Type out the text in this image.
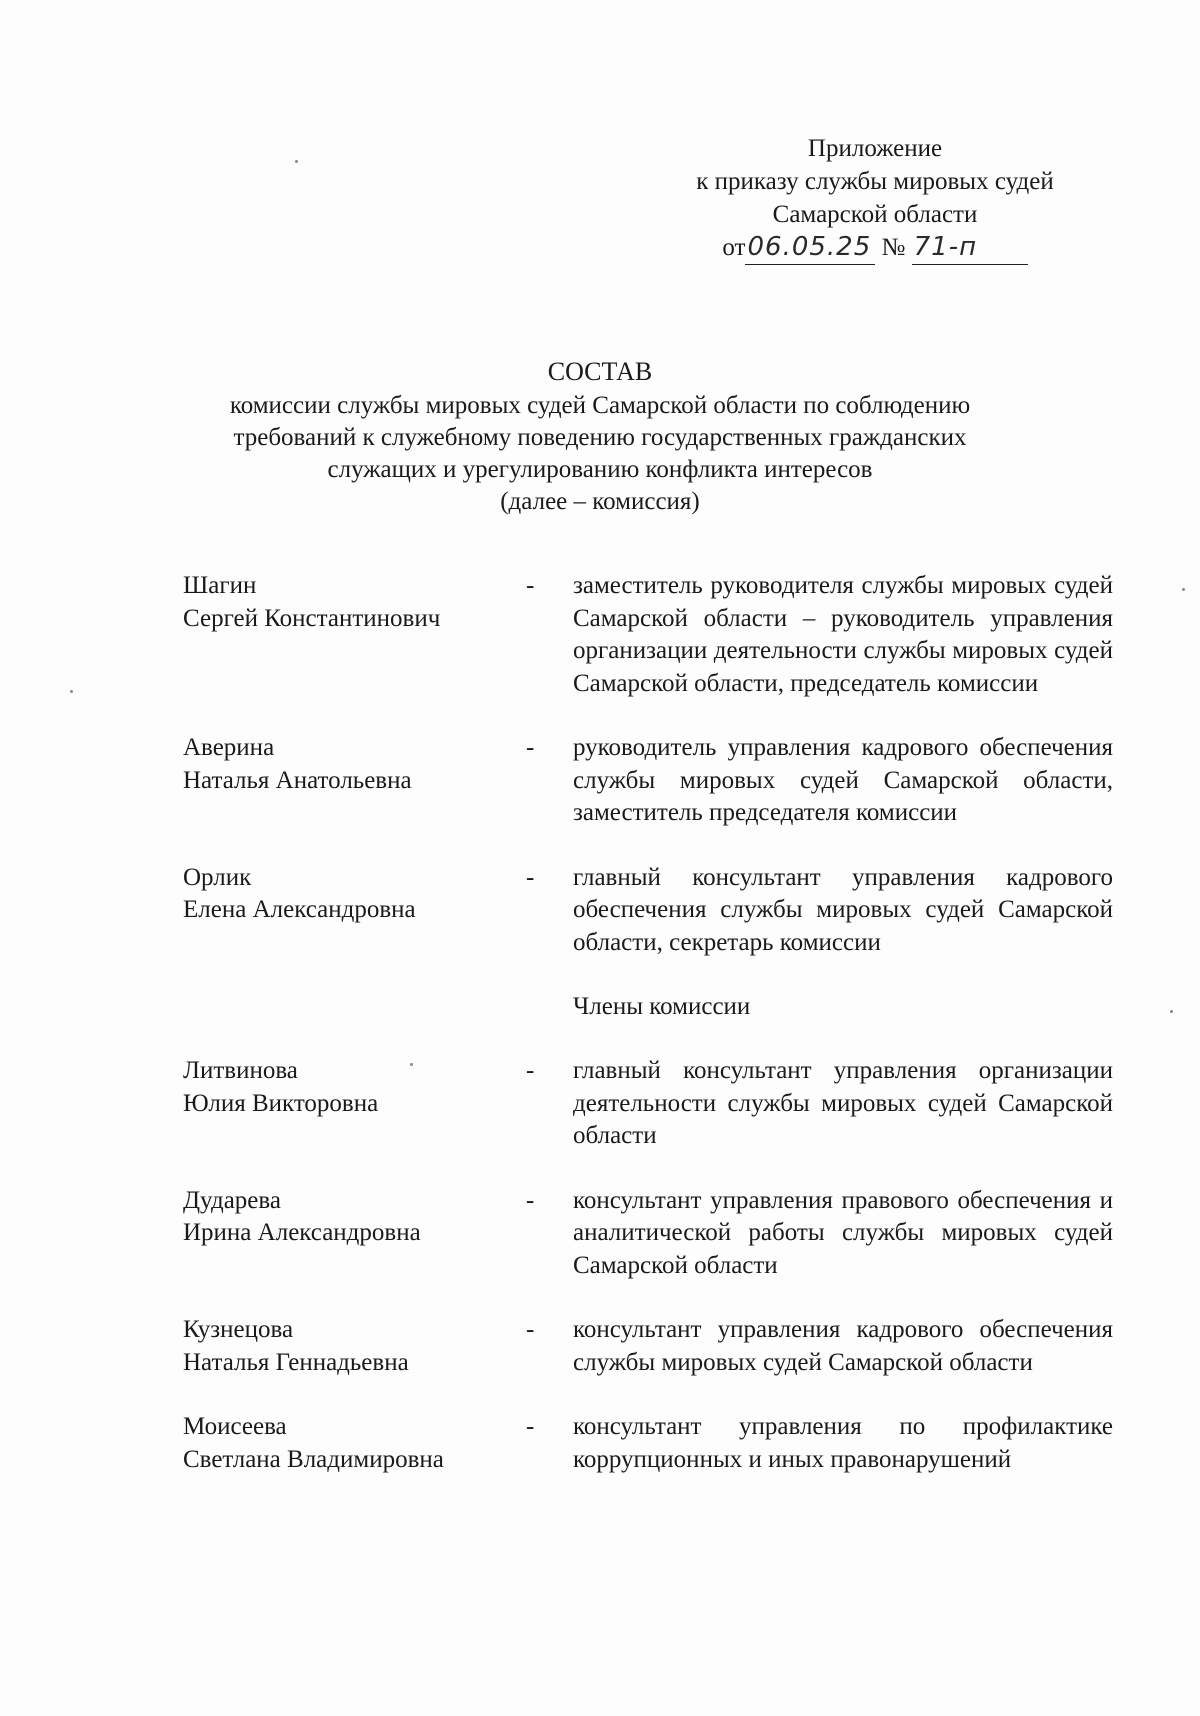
Приложение
к приказу службы мировых судей
Самарской области
от06.05.25 № 71-п
СОСТАВ
комиссии службы мировых судей Самарской области по соблюдению
требований к служебному поведению государственных гражданских
служащих и урегулированию конфликта интересов
(далее – комиссия)
Шагин
Сергей Константинович
-	заместитель руководителя службы мировых судей Самарской области – руководитель управления организации деятельности службы мировых судей Самарской области, председатель комиссии
Аверина
Наталья Анатольевна
-	руководитель управления кадрового обеспечения службы мировых судей Самарской области, заместитель председателя комиссии
Орлик
Елена Александровна
-	главный консультант управления кадрового обеспечения службы мировых судей Самарской области, секретарь комиссии
Члены комиссии
Литвинова
Юлия Викторовна
-	главный консультант управления организации деятельности службы мировых судей Самарской области
Дударева
Ирина Александровна
-	консультант управления правового обеспечения и аналитической работы службы мировых судей Самарской области
Кузнецова
Наталья Геннадьевна
-	консультант управления кадрового обеспечения службы мировых судей Самарской области
Моисеева
Светлана Владимировна
-	консультант управления по профилактике коррупционных и иных правонарушений
